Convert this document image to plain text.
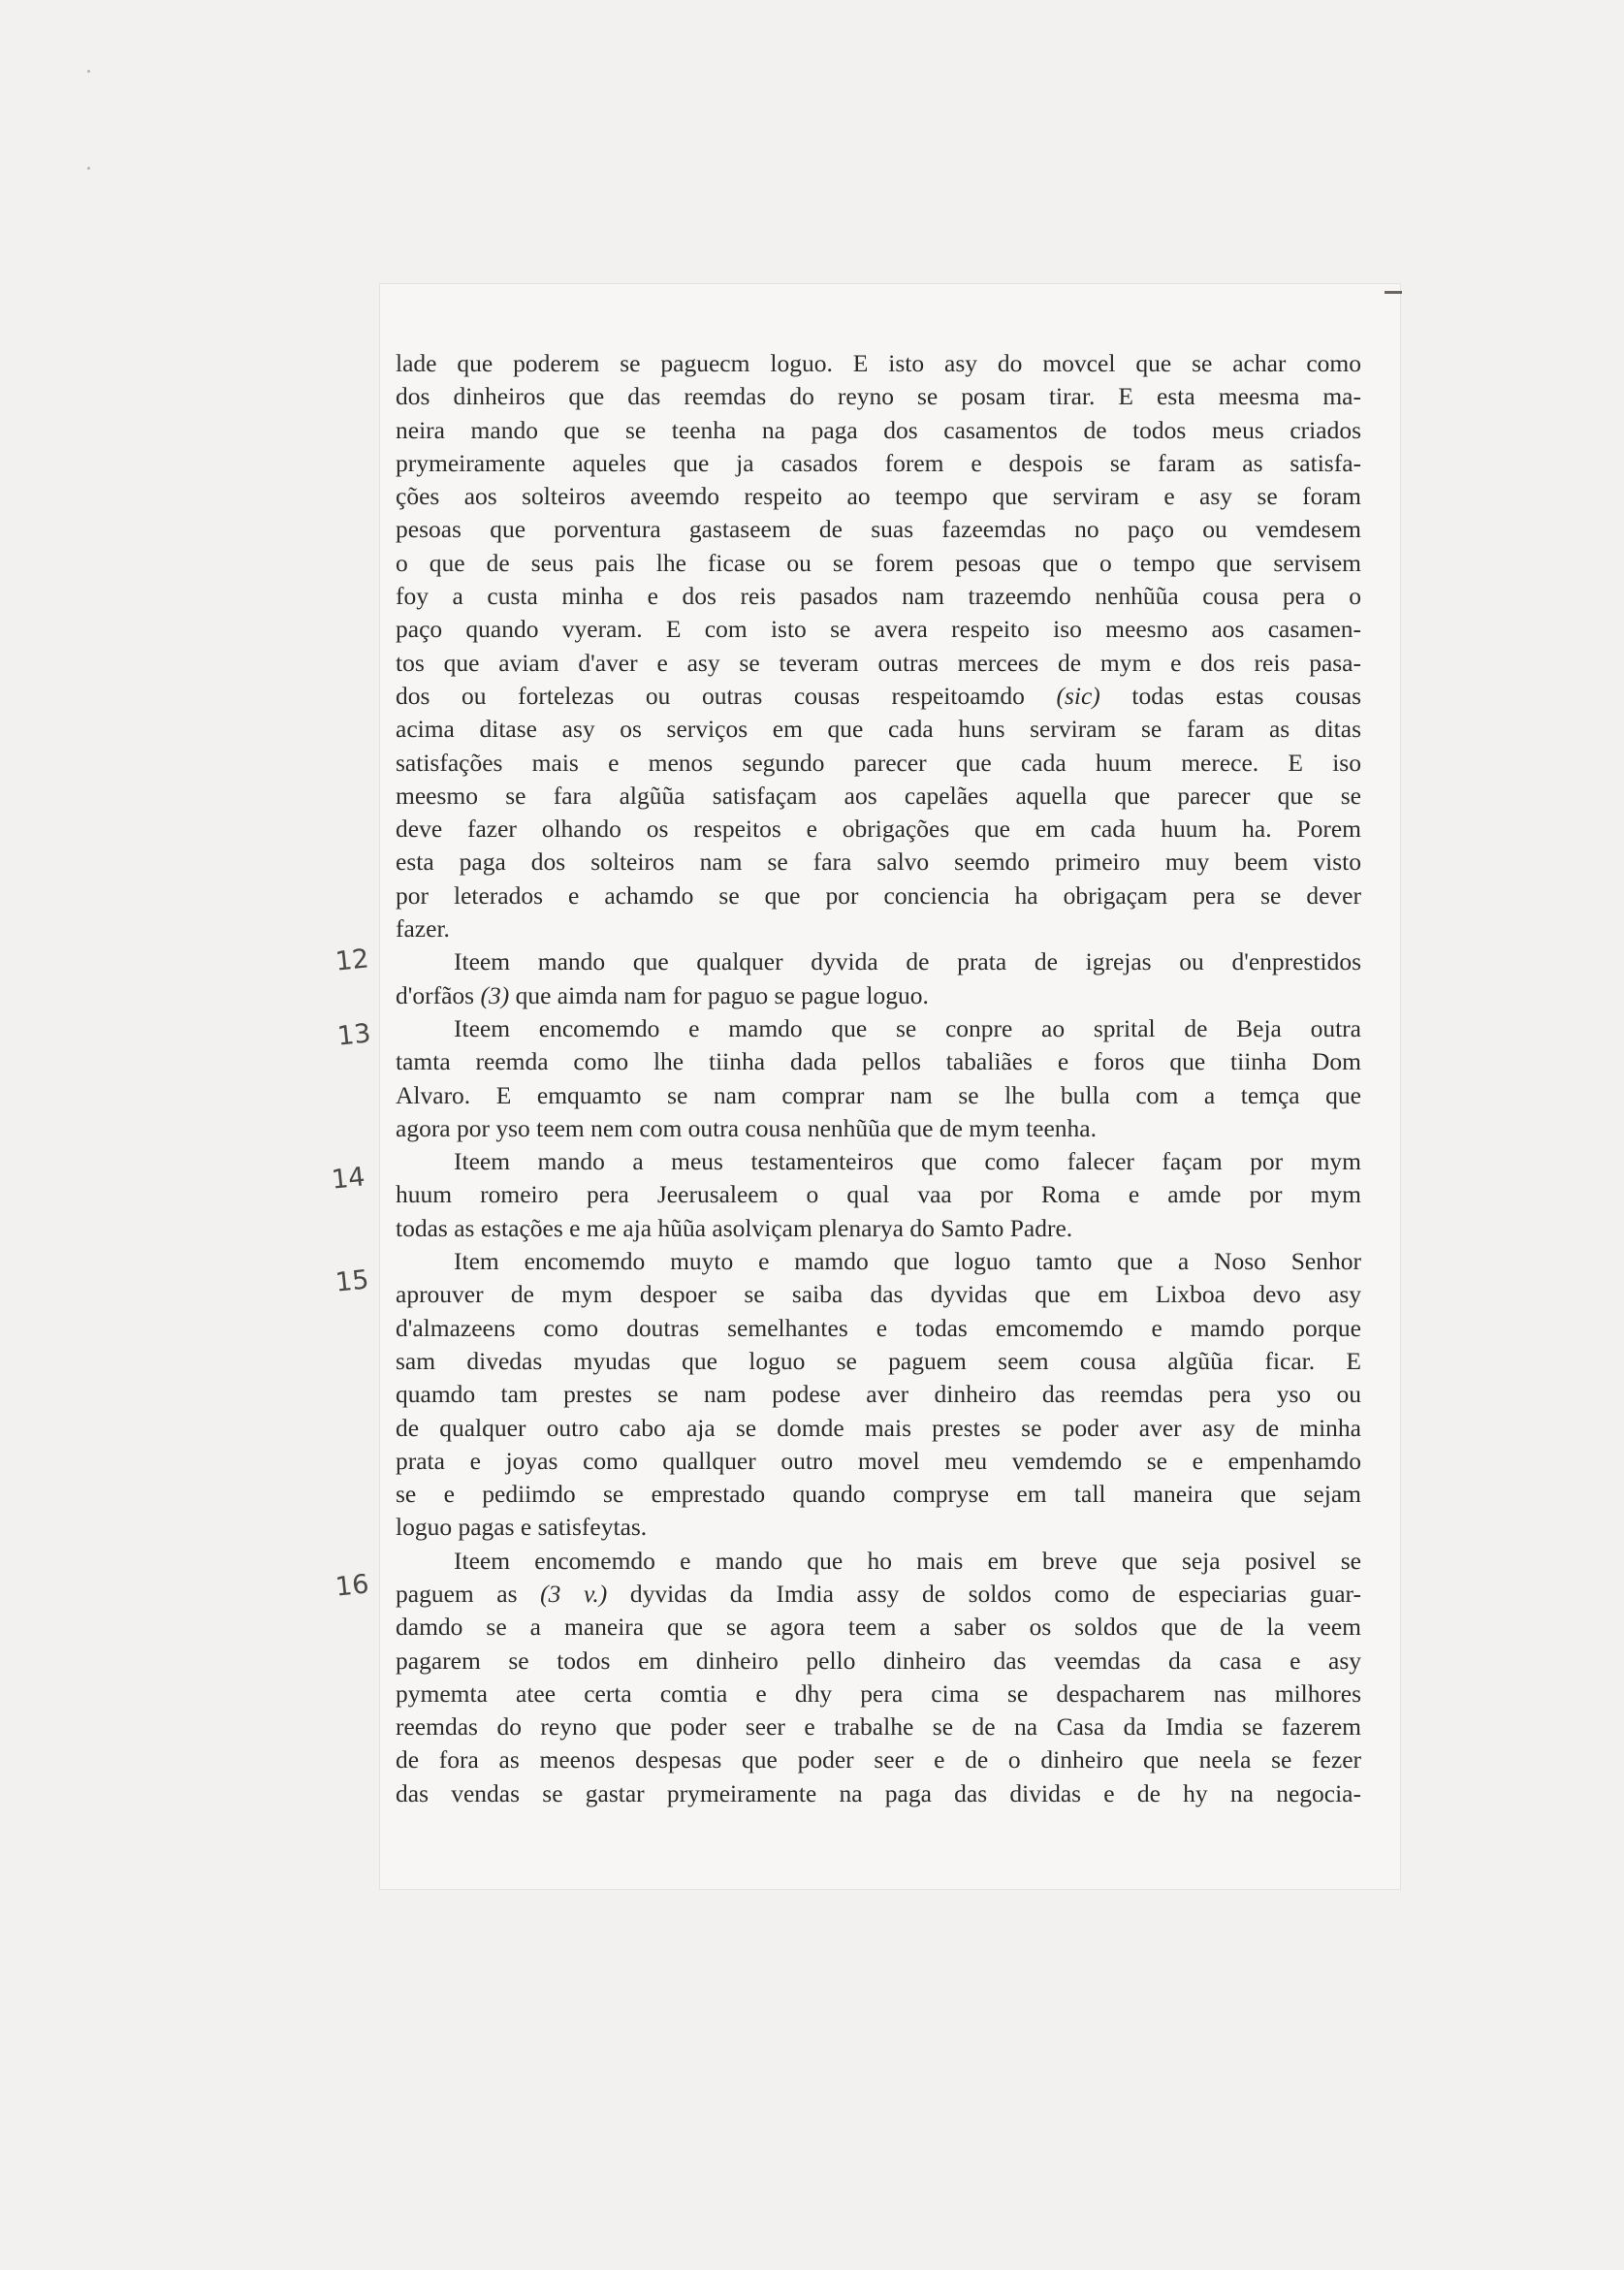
lade que poderem se paguecm loguo. E isto asy do movcel que se achar como
dos dinheiros que das reemdas do reyno se posam tirar. E esta meesma ma-
neira mando que se teenha na paga dos casamentos de todos meus criados
prymeiramente aqueles que ja casados forem e despois se faram as satisfa-
ções aos solteiros aveemdo respeito ao teempo que serviram e asy se foram
pesoas que porventura gastaseem de suas fazeemdas no paço ou vemdesem
o que de seus pais lhe ficase ou se forem pesoas que o tempo que servisem
foy a custa minha e dos reis pasados nam trazeemdo nenhũũa cousa pera o
paço quando vyeram. E com isto se avera respeito iso meesmo aos casamen-
tos que aviam d'aver e asy se teveram outras mercees de mym e dos reis pasa-
dos ou fortelezas ou outras cousas respeitoamdo (sic) todas estas cousas
acima ditase asy os serviços em que cada huns serviram se faram as ditas
satisfações mais e menos segundo parecer que cada huum merece. E iso
meesmo se fara algũũa satisfaçam aos capelães aquella que parecer que se
deve fazer olhando os respeitos e obrigações que em cada huum ha. Porem
esta paga dos solteiros nam se fara salvo seemdo primeiro muy beem visto
por leterados e achamdo se que por conciencia ha obrigaçam pera se dever
fazer.
Iteem mando que qualquer dyvida de prata de igrejas ou d'enprestidos
d'orfãos (3) que aimda nam for paguo se pague loguo.
Iteem encomemdo e mamdo que se conpre ao sprital de Beja outra
tamta reemda como lhe tiinha dada pellos tabaliães e foros que tiinha Dom
Alvaro. E emquamto se nam comprar nam se lhe bulla com a temça que
agora por yso teem nem com outra cousa nenhũũa que de mym teenha.
Iteem mando a meus testamenteiros que como falecer façam por mym
huum romeiro pera Jeerusaleem o qual vaa por Roma e amde por mym
todas as estações e me aja hũũa asolviçam plenarya do Samto Padre.
Item encomemdo muyto e mamdo que loguo tamto que a Noso Senhor
aprouver de mym despoer se saiba das dyvidas que em Lixboa devo asy
d'almazeens como doutras semelhantes e todas emcomemdo e mamdo porque
sam divedas myudas que loguo se paguem seem cousa algũũa ficar. E
quamdo tam prestes se nam podese aver dinheiro das reemdas pera yso ou
de qualquer outro cabo aja se domde mais prestes se poder aver asy de minha
prata e joyas como quallquer outro movel meu vemdemdo se e empenhamdo
se e pediimdo se emprestado quando compryse em tall maneira que sejam
loguo pagas e satisfeytas.
Iteem encomemdo e mando que ho mais em breve que seja posivel se
paguem as (3 v.) dyvidas da Imdia assy de soldos como de especiarias guar-
damdo se a maneira que se agora teem a saber os soldos que de la veem
pagarem se todos em dinheiro pello dinheiro das veemdas da casa e asy
pymemta atee certa comtia e dhy pera cima se despacharem nas milhores
reemdas do reyno que poder seer e trabalhe se de na Casa da Imdia se fazerem
de fora as meenos despesas que poder seer e de o dinheiro que neela se fezer
das vendas se gastar prymeiramente na paga das dividas e de hy na negocia-
12
13
14
15
16
